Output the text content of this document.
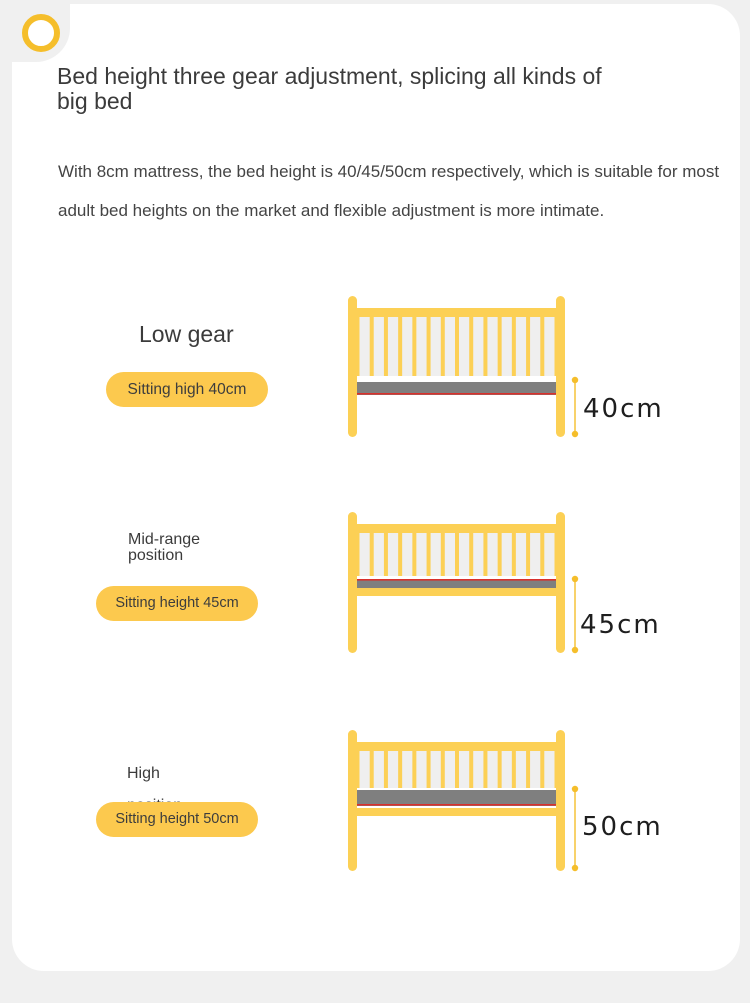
Bed height three gear adjustment, splicing all kinds of big bed

With 8cm mattress, the bed height is 40/45/50cm respectively, which is suitable for most adult bed heights on the market and flexible adjustment is more intimate.

Low gear
Sitting high 40cm
40cm
Mid-range
position
Sitting height 45cm
45cm
High
Sitting height 50cm	50cm
